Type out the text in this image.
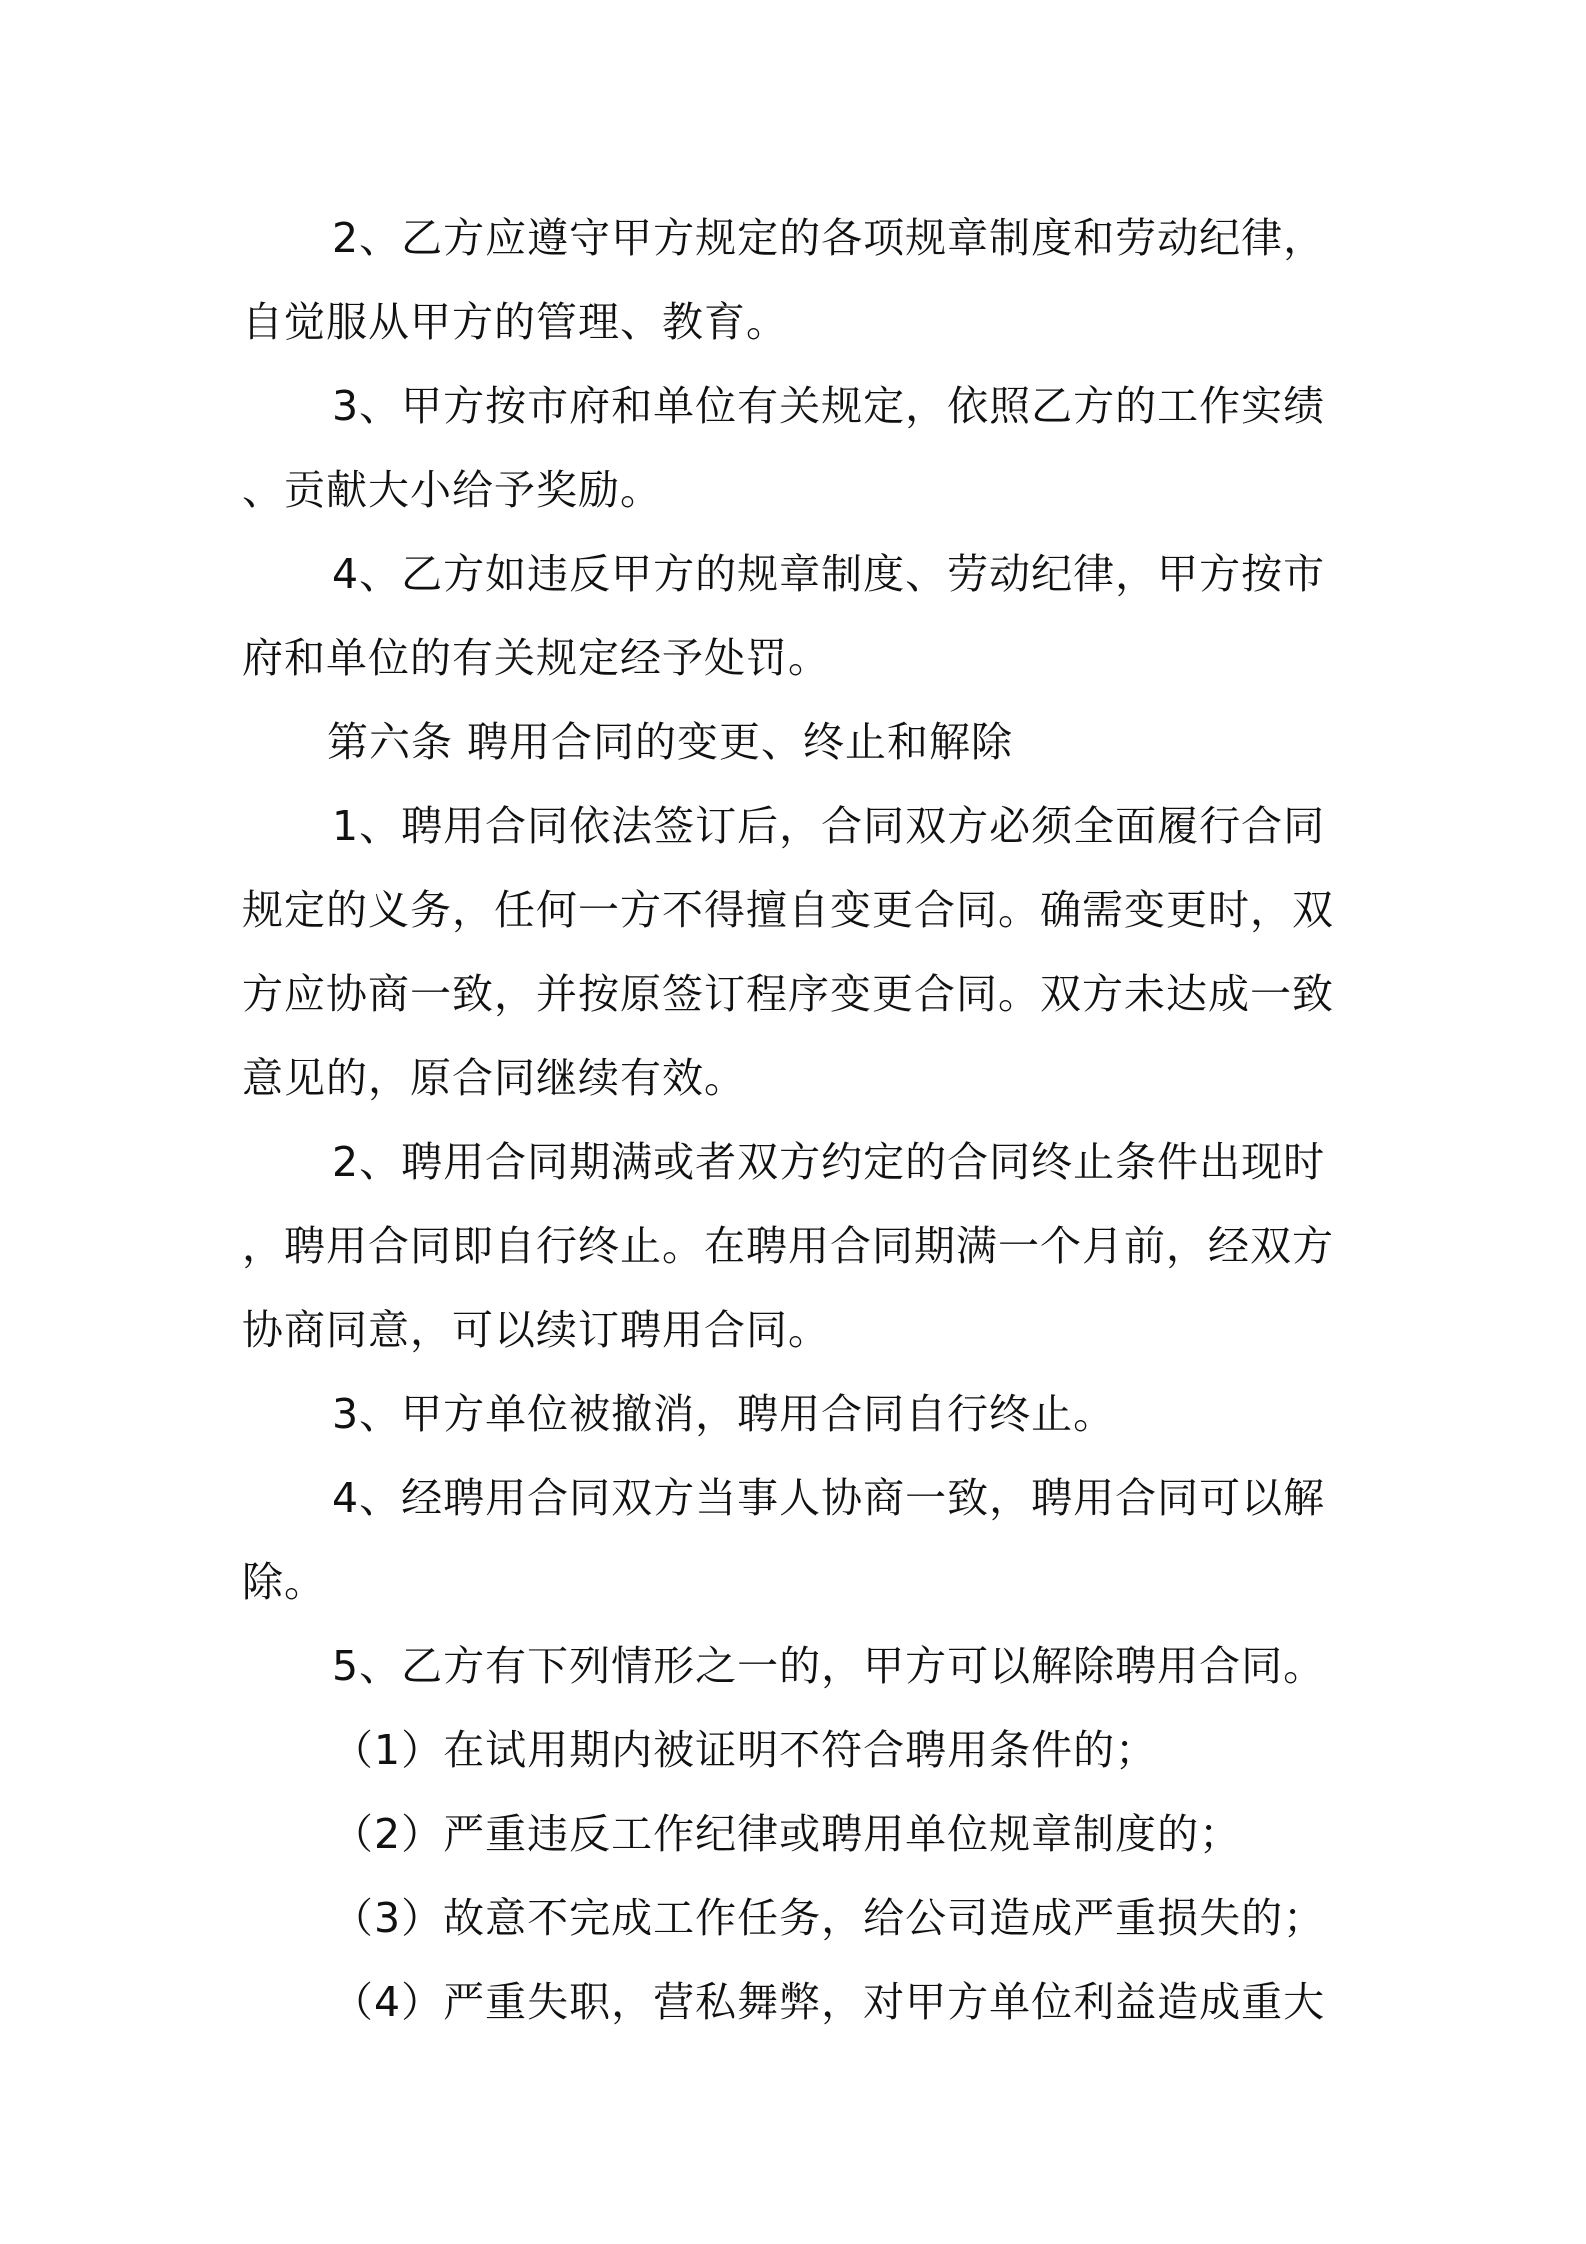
2、乙方应遵守甲方规定的各项规章制度和劳动纪律，
自觉服从甲方的管理、教育。
3、甲方按市府和单位有关规定，依照乙方的工作实绩
、贡献大小给予奖励。
4、乙方如违反甲方的规章制度、劳动纪律，甲方按市
府和单位的有关规定经予处罚。
第六条 聘用合同的变更、终止和解除
1、聘用合同依法签订后，合同双方必须全面履行合同
规定的义务，任何一方不得擅自变更合同。确需变更时，双
方应协商一致，并按原签订程序变更合同。双方未达成一致
意见的，原合同继续有效。
2、聘用合同期满或者双方约定的合同终止条件出现时
，聘用合同即自行终止。在聘用合同期满一个月前，经双方
协商同意，可以续订聘用合同。
3、甲方单位被撤消，聘用合同自行终止。
4、经聘用合同双方当事人协商一致，聘用合同可以解
除。
5、乙方有下列情形之一的，甲方可以解除聘用合同。
（1）在试用期内被证明不符合聘用条件的；
（2）严重违反工作纪律或聘用单位规章制度的；
（3）故意不完成工作任务，给公司造成严重损失的；
（4）严重失职，营私舞弊，对甲方单位利益造成重大
